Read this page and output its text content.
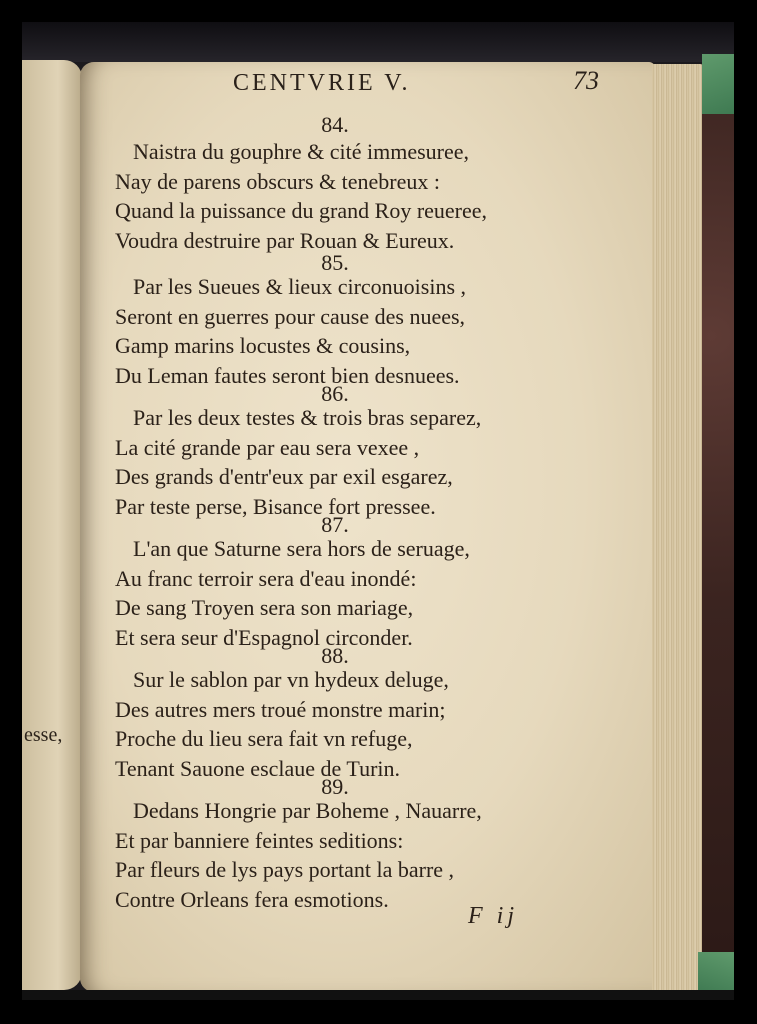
esse,
CENTVRIE V.	73
84.
Naistra du gouphre & cité immesuree,
Nay de parens obscurs & tenebreux :
Quand la puissance du grand Roy reueree,
Voudra destruire par Rouan & Eureux.
85.
Par les Sueues & lieux circonuoisins ,
Seront en guerres pour cause des nuees,
Gamp marins locustes & cousins,
Du Leman fautes seront bien desnuees.
86.
Par les deux testes & trois bras separez,
La cité grande par eau sera vexee ,
Des grands d'entr'eux par exil esgarez,
Par teste perse, Bisance fort pressee.
87.
L'an que Saturne sera hors de seruage,
Au franc terroir sera d'eau inondé:
De sang Troyen sera son mariage,
Et sera seur d'Espagnol circonder.
88.
Sur le sablon par vn hydeux deluge,
Des autres mers troué monstre marin;
Proche du lieu sera fait vn refuge,
Tenant Sauone esclaue de Turin.
89.
Dedans Hongrie par Boheme , Nauarre,
Et par banniere feintes seditions:
Par fleurs de lys pays portant la barre ,
Contre Orleans fera esmotions.
F ij
